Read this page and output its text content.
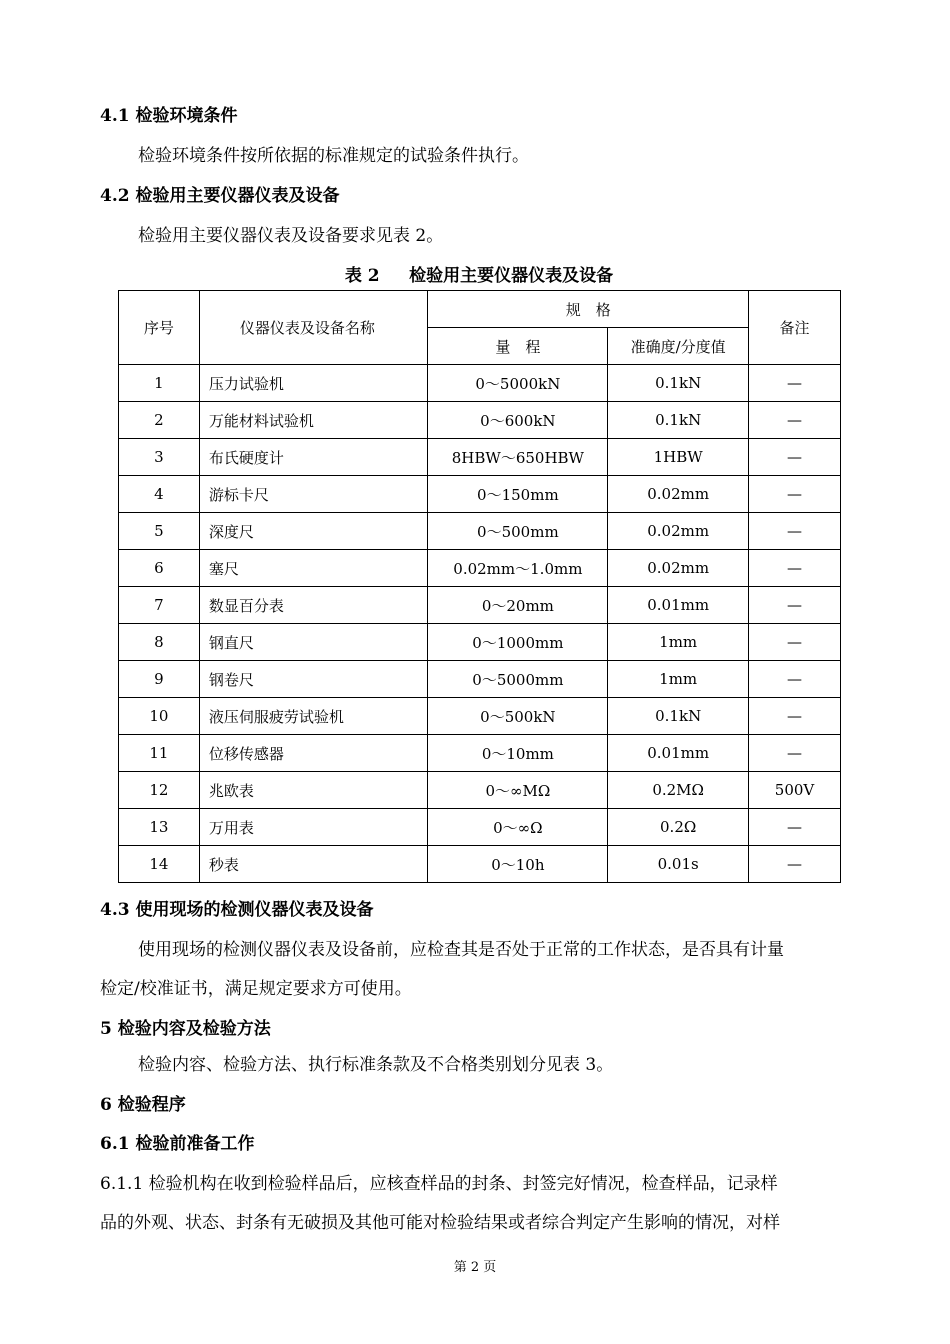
4.1 检验环境条件
检验环境条件按所依据的标准规定的试验条件执行。
4.2 检验用主要仪器仪表及设备
检验用主要仪器仪表及设备要求见表 2。
表 2     检验用主要仪器仪表及设备
序号	仪器仪表及设备名称	规　格		备注
		量　程	准确度/分度值	
1	压力试验机	0～5000kN	0.1kN	—
2	万能材料试验机	0～600kN	0.1kN	—
3	布氏硬度计	8HBW～650HBW	1HBW	—
4	游标卡尺	0～150mm	0.02mm	—
5	深度尺	0～500mm	0.02mm	—
6	塞尺	0.02mm～1.0mm	0.02mm	—
7	数显百分表	0～20mm	0.01mm	—
8	钢直尺	0～1000mm	1mm	—
9	钢卷尺	0～5000mm	1mm	—
10	液压伺服疲劳试验机	0～500kN	0.1kN	—
11	位移传感器	0～10mm	0.01mm	—
12	兆欧表	0～∞MΩ	0.2MΩ	500V
13	万用表	0～∞Ω	0.2Ω	—
14	秒表	0～10h	0.01s	—
4.3 使用现场的检测仪器仪表及设备
使用现场的检测仪器仪表及设备前，应检查其是否处于正常的工作状态，是否具有计量
检定/校准证书，满足规定要求方可使用。
5 检验内容及检验方法
检验内容、检验方法、执行标准条款及不合格类别划分见表 3。
6 检验程序
6.1 检验前准备工作
6.1.1 检验机构在收到检验样品后，应核查样品的封条、封签完好情况，检查样品，记录样
品的外观、状态、封条有无破损及其他可能对检验结果或者综合判定产生影响的情况，对样
第 2 页
